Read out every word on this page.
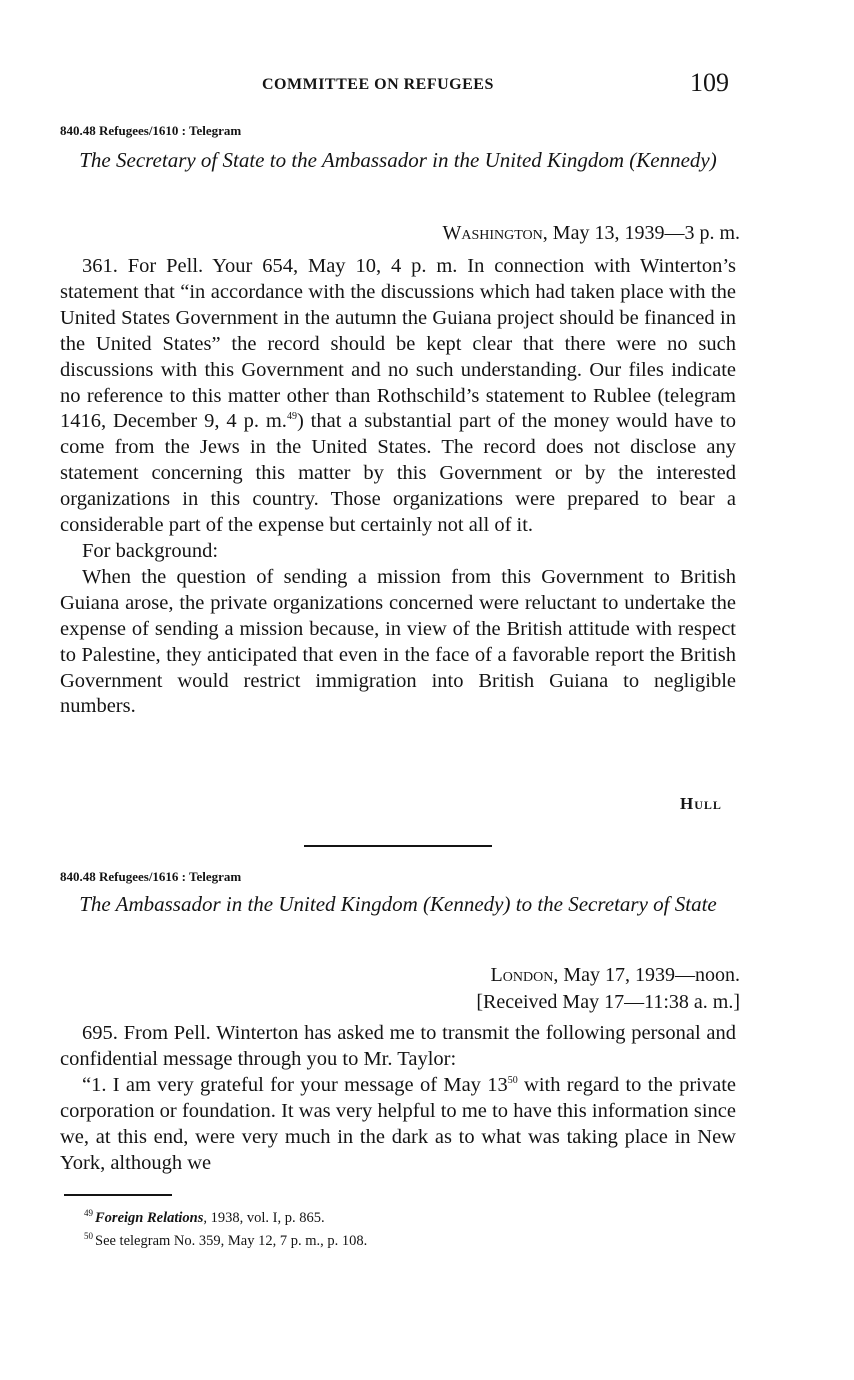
COMMITTEE ON REFUGEES	109
840.48 Refugees/1610 : Telegram
The Secretary of State to the Ambassador in the United Kingdom (Kennedy)
Washington, May 13, 1939—3 p. m.

361. For Pell. Your 654, May 10, 4 p. m. In connection with Winterton’s statement that “in accordance with the discussions which had taken place with the United States Government in the autumn the Guiana project should be financed in the United States” the record should be kept clear that there were no such discussions with this Government and no such understanding. Our files indicate no reference to this matter other than Rothschild’s statement to Rublee (telegram 1416, December 9, 4 p. m.$^{49}$) that a substantial part of the money would have to come from the Jews in the United States. The record does not disclose any statement concerning this matter by this Government or by the interested organizations in this country. Those organizations were prepared to bear a considerable part of the expense but certainly not all of it.

For background:

When the question of sending a mission from this Government to British Guiana arose, the private organizations concerned were reluctant to undertake the expense of sending a mission because, in view of the British attitude with respect to Palestine, they anticipated that even in the face of a favorable report the British Government would restrict immigration into British Guiana to negligible numbers.

Hull
840.48 Refugees/1616 : Telegram
The Ambassador in the United Kingdom (Kennedy) to the Secretary of State
London, May 17, 1939—noon.
[Received May 17—11:38 a. m.]

695. From Pell. Winterton has asked me to transmit the following personal and confidential message through you to Mr. Taylor:

“1. I am very grateful for your message of May $13^{50}$ with regard to the private corporation or foundation. It was very helpful to me to have this information since we, at this end, were very much in the dark as to what was taking place in New York, although we

$^{49}$ Foreign Relations, 1938, vol. I, p. 865.
$^{50}$ See telegram No. 359, May 12, 7 p. m., p. 108.
